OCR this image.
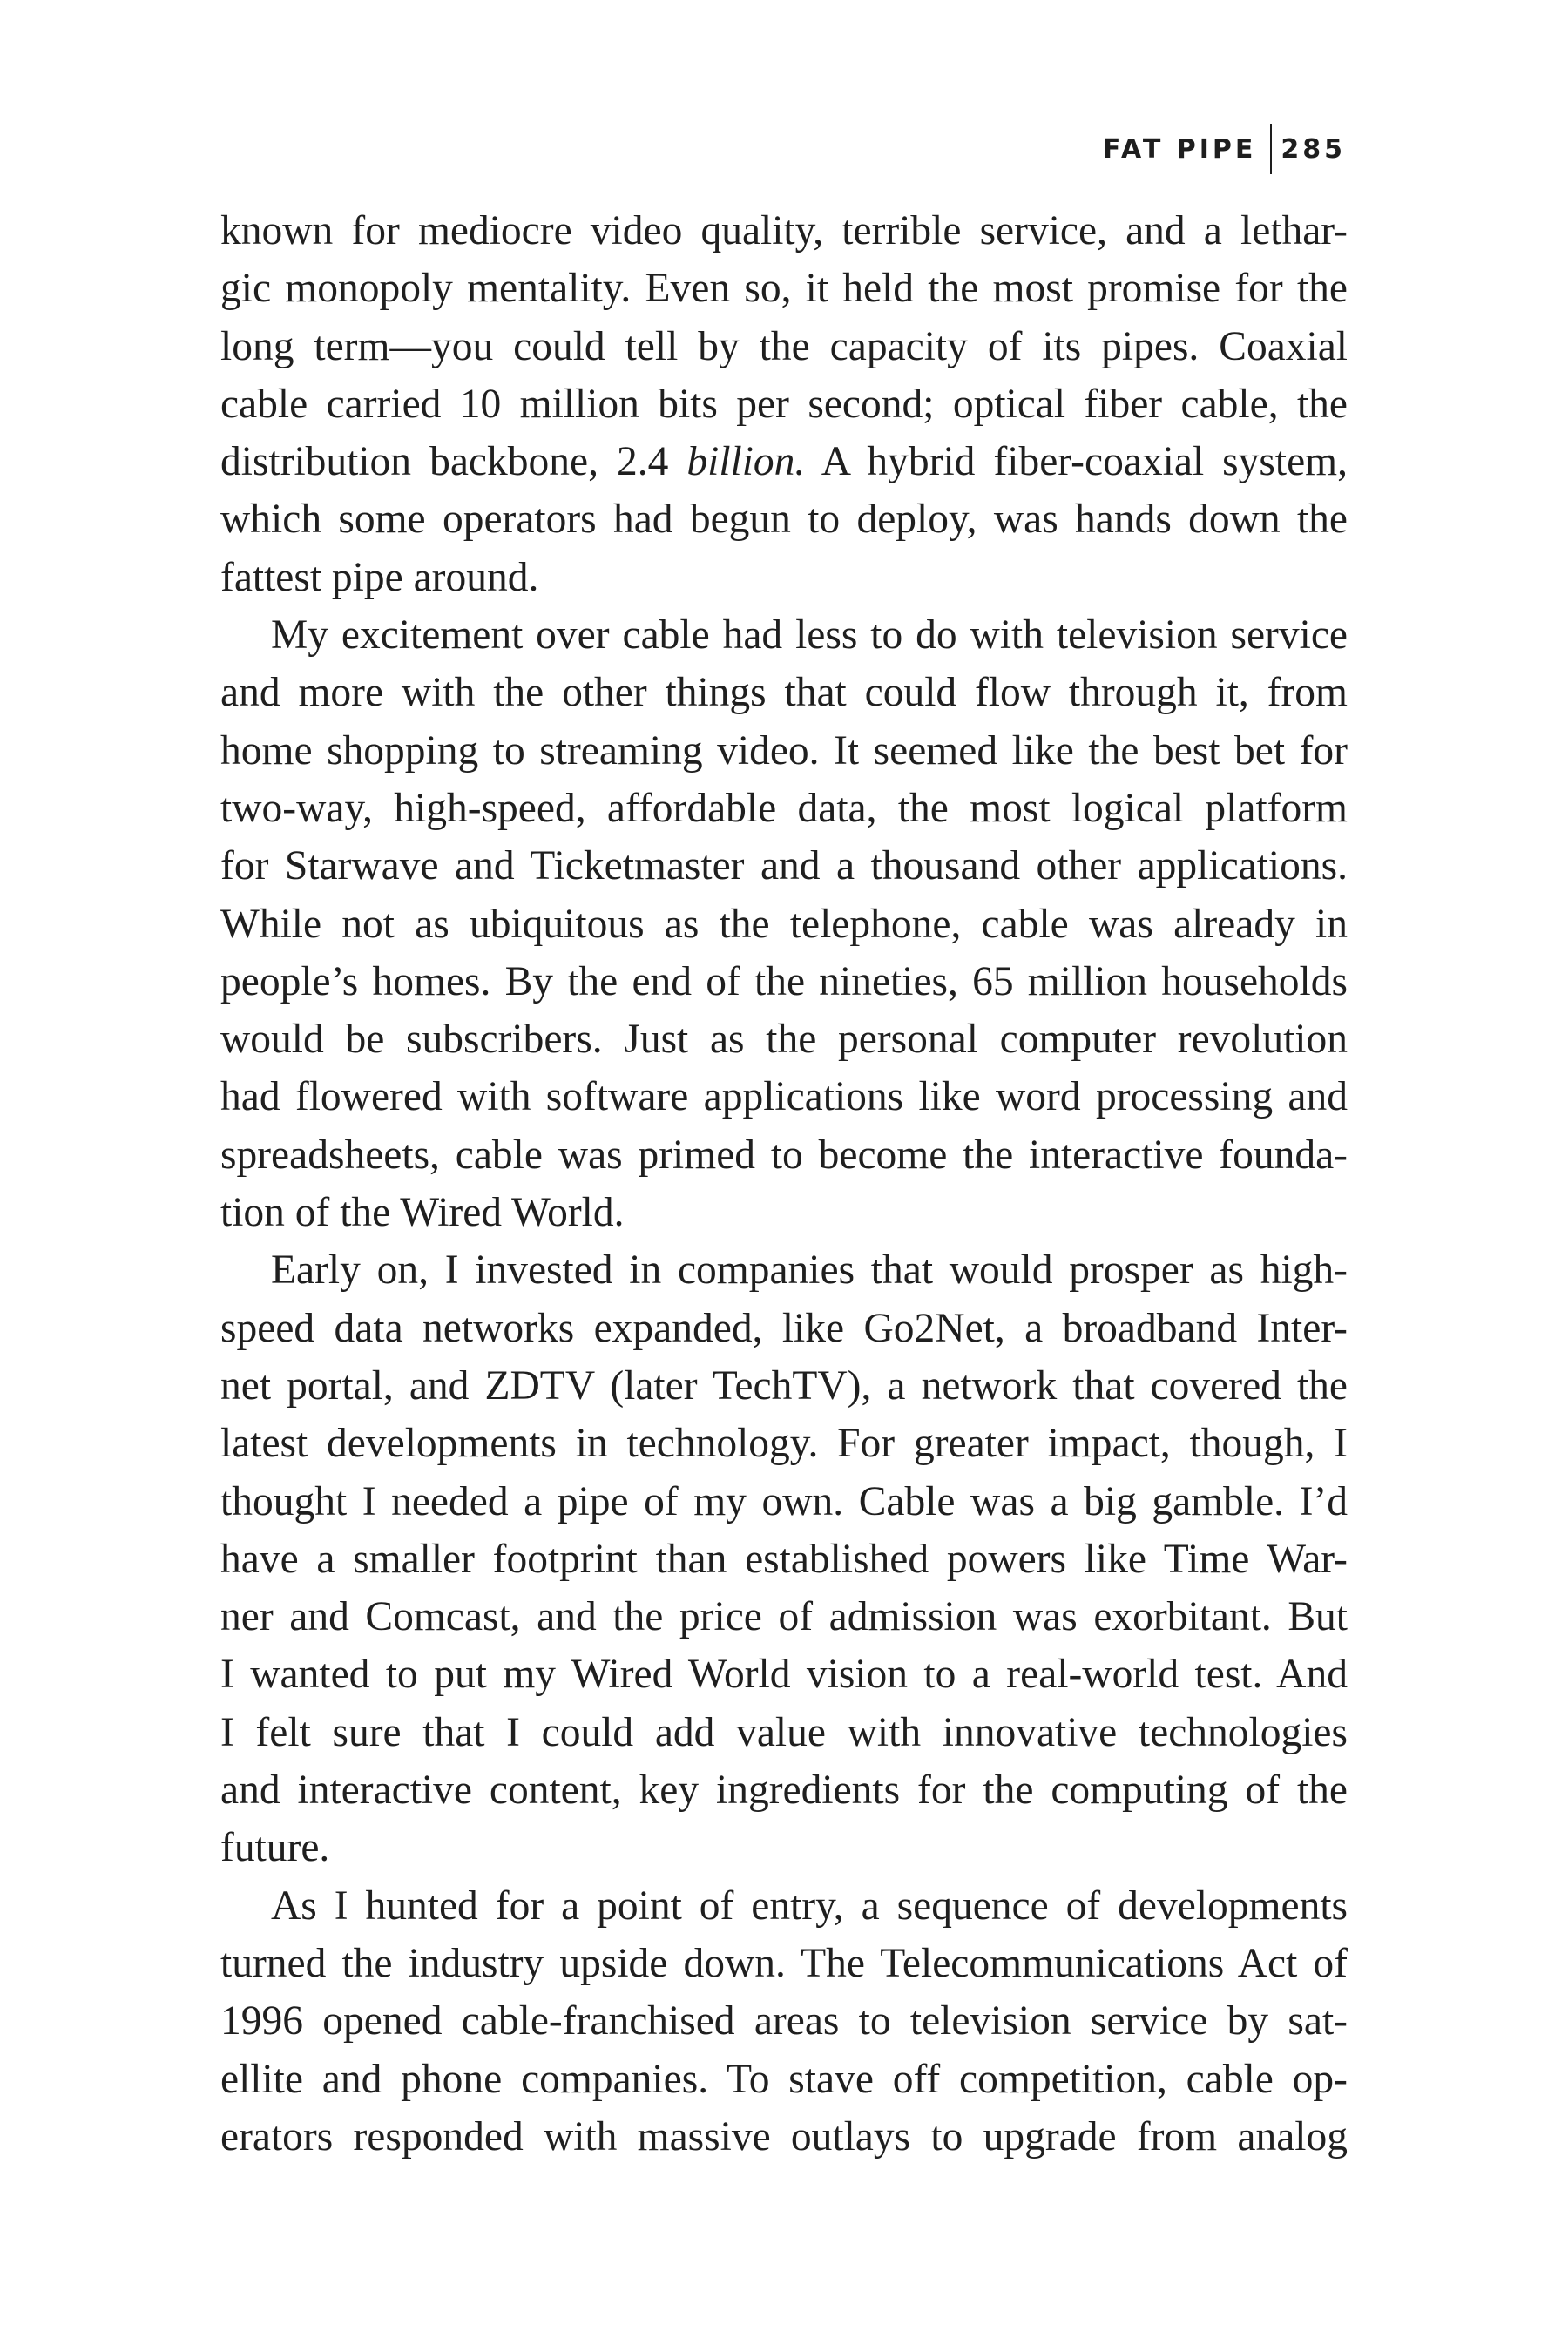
FAT PIPE 285

known for mediocre video quality, terrible service, and a lethar-
gic monopoly mentality. Even so, it held the most promise for the
long term—you could tell by the capacity of its pipes. Coaxial
cable carried 10 million bits per second; optical fiber cable, the
distribution backbone, 2.4 billion. A hybrid fiber-coaxial system,
which some operators had begun to deploy, was hands down the
fattest pipe around.

My excitement over cable had less to do with television service
and more with the other things that could flow through it, from
home shopping to streaming video. It seemed like the best bet for
two-way, high-speed, affordable data, the most logical platform
for Starwave and Ticketmaster and a thousand other applications.
While not as ubiquitous as the telephone, cable was already in
people’s homes. By the end of the nineties, 65 million households
would be subscribers. Just as the personal computer revolution
had flowered with software applications like word processing and
spreadsheets, cable was primed to become the interactive founda-
tion of the Wired World.

Early on, I invested in companies that would prosper as high-
speed data networks expanded, like Go2Net, a broadband Inter-
net portal, and ZDTV (later TechTV), a network that covered the
latest developments in technology. For greater impact, though, I
thought I needed a pipe of my own. Cable was a big gamble. I’d
have a smaller footprint than established powers like Time War-
ner and Comcast, and the price of admission was exorbitant. But
I wanted to put my Wired World vision to a real-world test. And
I felt sure that I could add value with innovative technologies
and interactive content, key ingredients for the computing of the
future.

As I hunted for a point of entry, a sequence of developments
turned the industry upside down. The Telecommunications Act of
1996 opened cable-franchised areas to television service by sat-
ellite and phone companies. To stave off competition, cable op-
erators responded with massive outlays to upgrade from analog
